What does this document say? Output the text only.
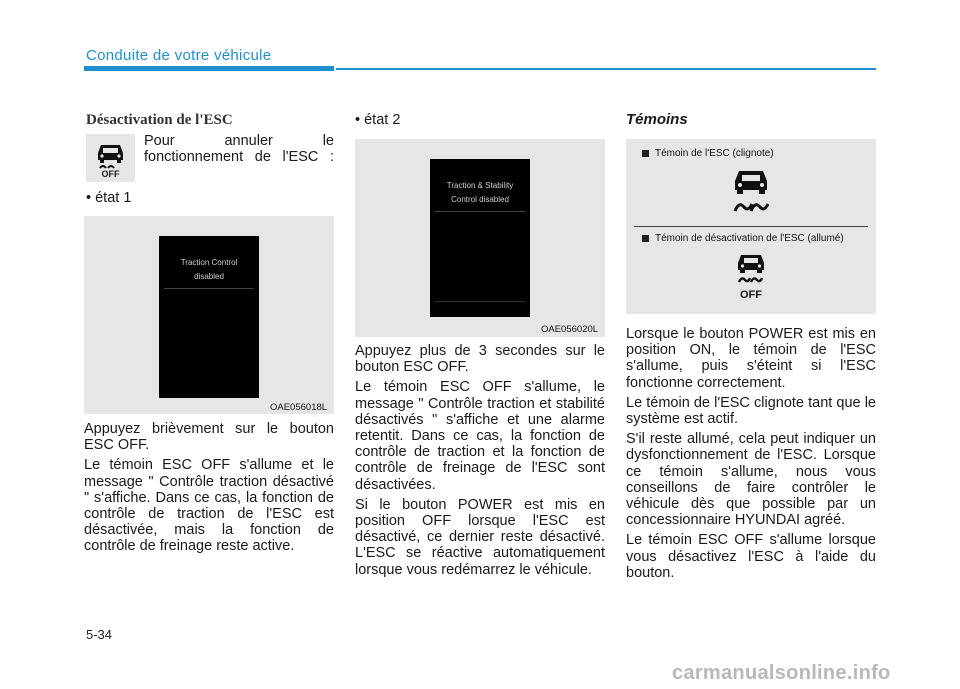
Conduite de votre véhicule
Désactivation de l'ESC
OFF
Pour annuler le fonctionnement de l'ESC :
• état 1
Traction Control
disabled
OAE056018L

Appuyez brièvement sur le bouton ESC OFF.

Le témoin ESC OFF s'allume et le message " Contrôle traction désactivé " s'affiche. Dans ce cas, la fonction de contrôle de traction de l'ESC est désactivée, mais la fonction de contrôle de freinage reste active.

• état 2
Traction & Stability
Control disabled
OAE056020L

Appuyez plus de 3 secondes sur le bouton ESC OFF.

Le témoin ESC OFF s'allume, le message " Contrôle traction et stabilité désactivés " s'affiche et une alarme retentit. Dans ce cas, la fonction de contrôle de traction et la fonction de contrôle de freinage de l'ESC sont désactivées.

Si le bouton POWER est mis en position OFF lorsque l'ESC est désactivé, ce dernier reste désactivé. L'ESC se réactive automatiquement lorsque vous redémarrez le véhicule.

Témoins
Témoin de l'ESC (clignote)
Témoin de désactivation de l'ESC (allumé)
OFF

Lorsque le bouton POWER est mis en position ON, le témoin de l'ESC s'allume, puis s'éteint si l'ESC fonctionne correctement.

Le témoin de l'ESC clignote tant que le système est actif.

S'il reste allumé, cela peut indiquer un dysfonctionnement de l'ESC. Lorsque ce témoin s'allume, nous vous conseillons de faire contrôler le véhicule dès que possible par un concessionnaire HYUNDAI agréé.

Le témoin ESC OFF s'allume lorsque vous désactivez l'ESC à l'aide du bouton.

5-34
carmanualsonline.info
